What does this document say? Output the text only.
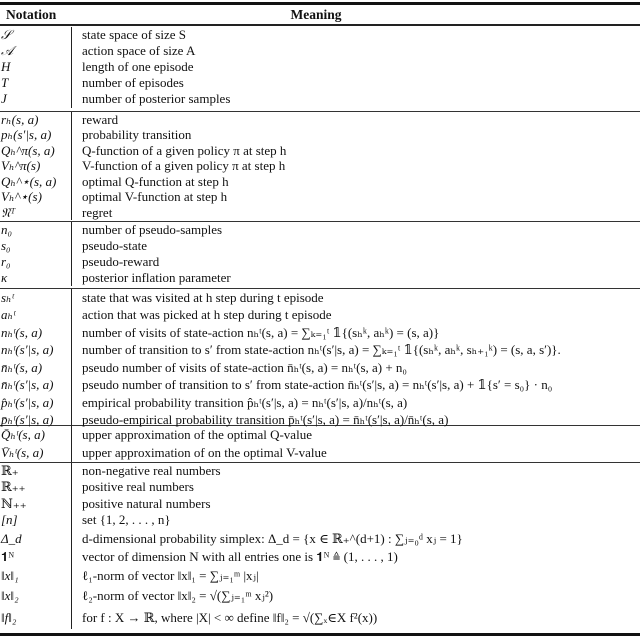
Notation	Meaning
𝒮	state space of size S
𝒜	action space of size A
H	length of one episode
T	number of episodes
J	number of posterior samples
rₕ(s, a)	reward
pₕ(s′|s, a)	probability transition
Qₕ^π(s, a)	Q-function of a given policy π at step h
Vₕ^π(s)	V-function of a given policy π at step h
Qₕ^⋆(s, a)	optimal Q-function at step h
Vₕ^⋆(s)	optimal V-function at step h
𝔑ᵀ	regret
n₀	number of pseudo-samples
s₀	pseudo-state
r₀	pseudo-reward
κ	posterior inflation parameter
sₕᵗ	state that was visited at h step during t episode
aₕᵗ	action that was picked at h step during t episode
nₕᵗ(s, a)	number of visits of state-action nₕᵗ(s, a) = ∑ₖ₌₁ᵗ 𝟙{(sₕᵏ, aₕᵏ) = (s, a)}
nₕᵗ(s′|s, a)	number of transition to s′ from state-action nₕᵗ(s′|s, a) = ∑ₖ₌₁ᵗ 𝟙{(sₕᵏ, aₕᵏ, sₕ₊₁ᵏ) = (s, a, s′)}.
n̄ₕᵗ(s, a)	pseudo number of visits of state-action n̄ₕᵗ(s, a) = nₕᵗ(s, a) + n₀
n̄ₕᵗ(s′|s, a)	pseudo number of transition to s′ from state-action n̄ₕᵗ(s′|s, a) = nₕᵗ(s′|s, a) + 𝟙{s′ = s₀} · n₀
p̂ₕᵗ(s′|s, a)	empirical probability transition p̂ₕᵗ(s′|s, a) = nₕᵗ(s′|s, a)/nₕᵗ(s, a)
p̄ₕᵗ(s′|s, a)	pseudo-empirical probability transition p̄ₕᵗ(s′|s, a) = n̄ₕᵗ(s′|s, a)/n̄ₕᵗ(s, a)
Q̄ₕᵗ(s, a)	upper approximation of the optimal Q-value
V̄ₕᵗ(s, a)	upper approximation of on the optimal V-value
ℝ₊	non-negative real numbers
ℝ₊₊	positive real numbers
ℕ₊₊	positive natural numbers
[n]	set {1, 2, . . . , n}
Δ_d	d-dimensional probability simplex: Δ_d = {x ∈ ℝ₊^(d+1) : ∑ⱼ₌₀ᵈ xⱼ = 1}
𝟏ᴺ	vector of dimension N with all entries one is 𝟏ᴺ ≜ (1, . . . , 1)
‖x‖₁	ℓ₁-norm of vector ‖x‖₁ = ∑ⱼ₌₁ᵐ |xⱼ|
‖x‖₂	ℓ₂-norm of vector ‖x‖₂ = √(∑ⱼ₌₁ᵐ xⱼ²)
‖f‖₂	for f : X → ℝ, where |X| < ∞ define ‖f‖₂ = √(∑ₓ∈X f²(x))
